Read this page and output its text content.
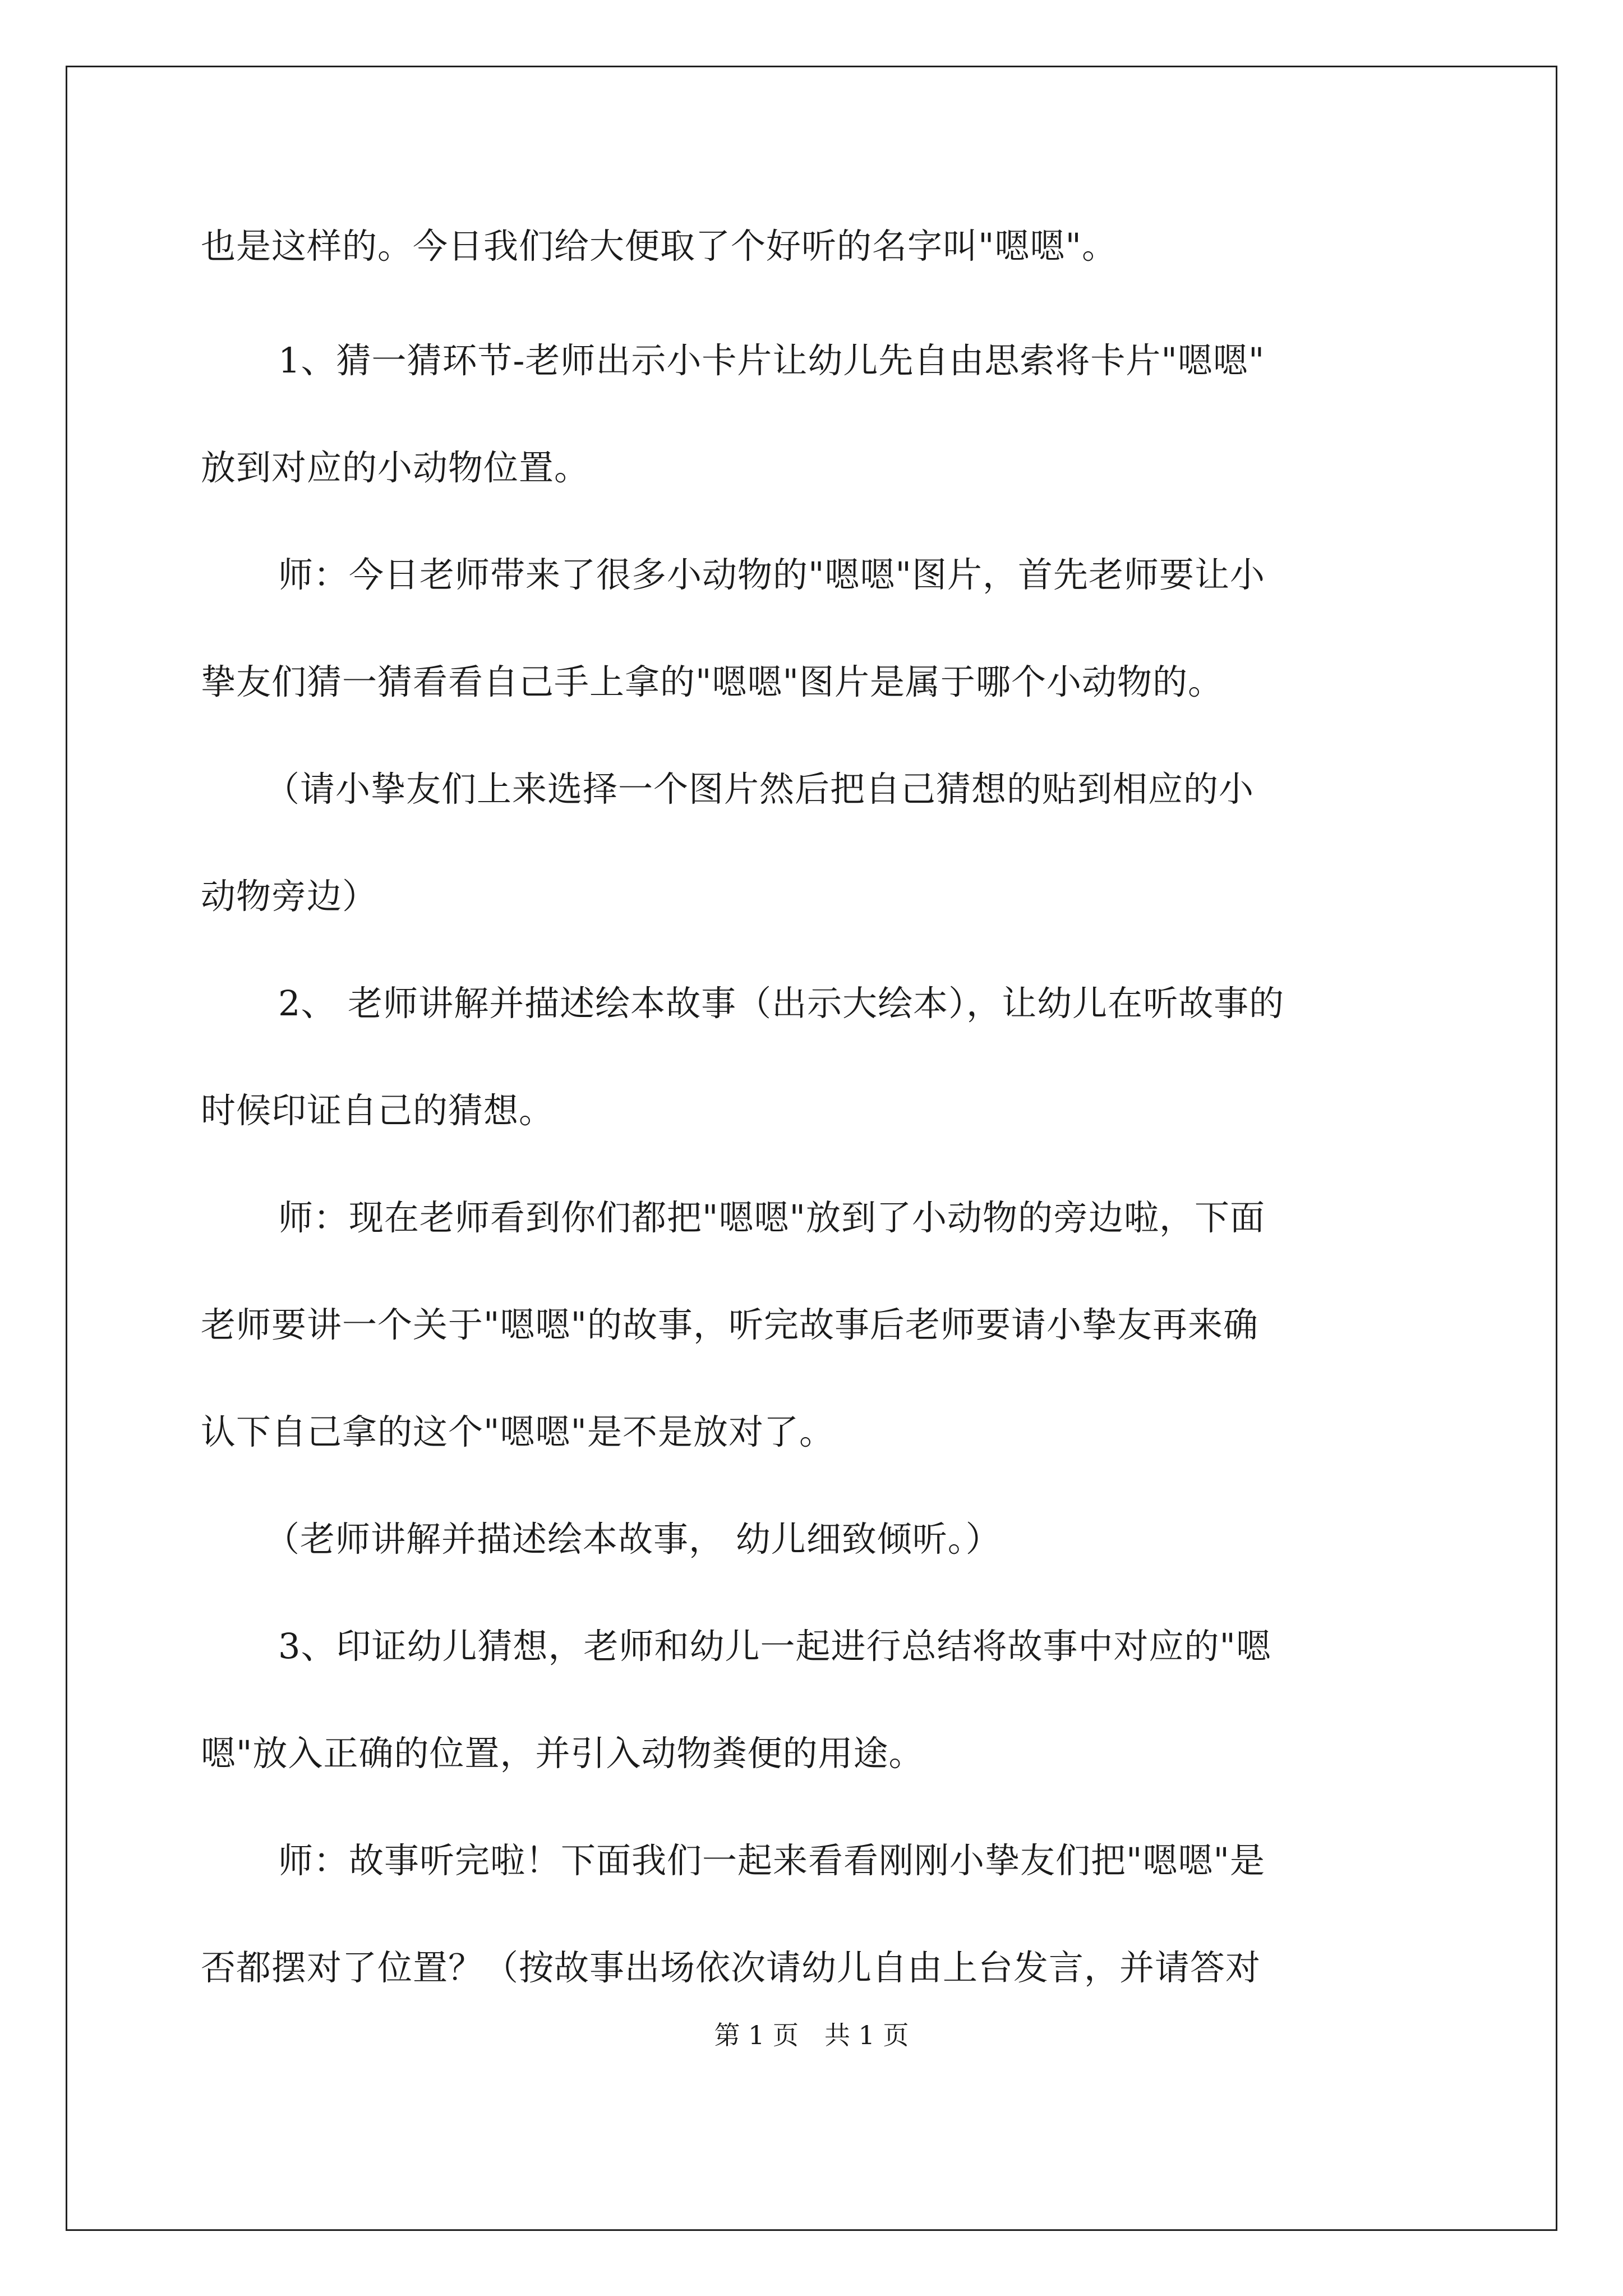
也是这样的。今日我们给大便取了个好听的名字叫"嗯嗯"。
1、猜一猜环节-老师出示小卡片让幼儿先自由思索将卡片"嗯嗯"
放到对应的小动物位置。
师：今日老师带来了很多小动物的"嗯嗯"图片，首先老师要让小
挚友们猜一猜看看自己手上拿的"嗯嗯"图片是属于哪个小动物的。
（请小挚友们上来选择一个图片然后把自己猜想的贴到相应的小
动物旁边）
2、 老师讲解并描述绘本故事（出示大绘本），让幼儿在听故事的
时候印证自己的猜想。
师：现在老师看到你们都把"嗯嗯"放到了小动物的旁边啦，下面
老师要讲一个关于"嗯嗯"的故事，听完故事后老师要请小挚友再来确
认下自己拿的这个"嗯嗯"是不是放对了。
（老师讲解并描述绘本故事， 幼儿细致倾听。）
3、印证幼儿猜想，老师和幼儿一起进行总结将故事中对应的"嗯
嗯"放入正确的位置，并引入动物粪便的用途。
师：故事听完啦！下面我们一起来看看刚刚小挚友们把"嗯嗯"是
否都摆对了位置？（按故事出场依次请幼儿自由上台发言，并请答对
第 1 页　共 1 页
